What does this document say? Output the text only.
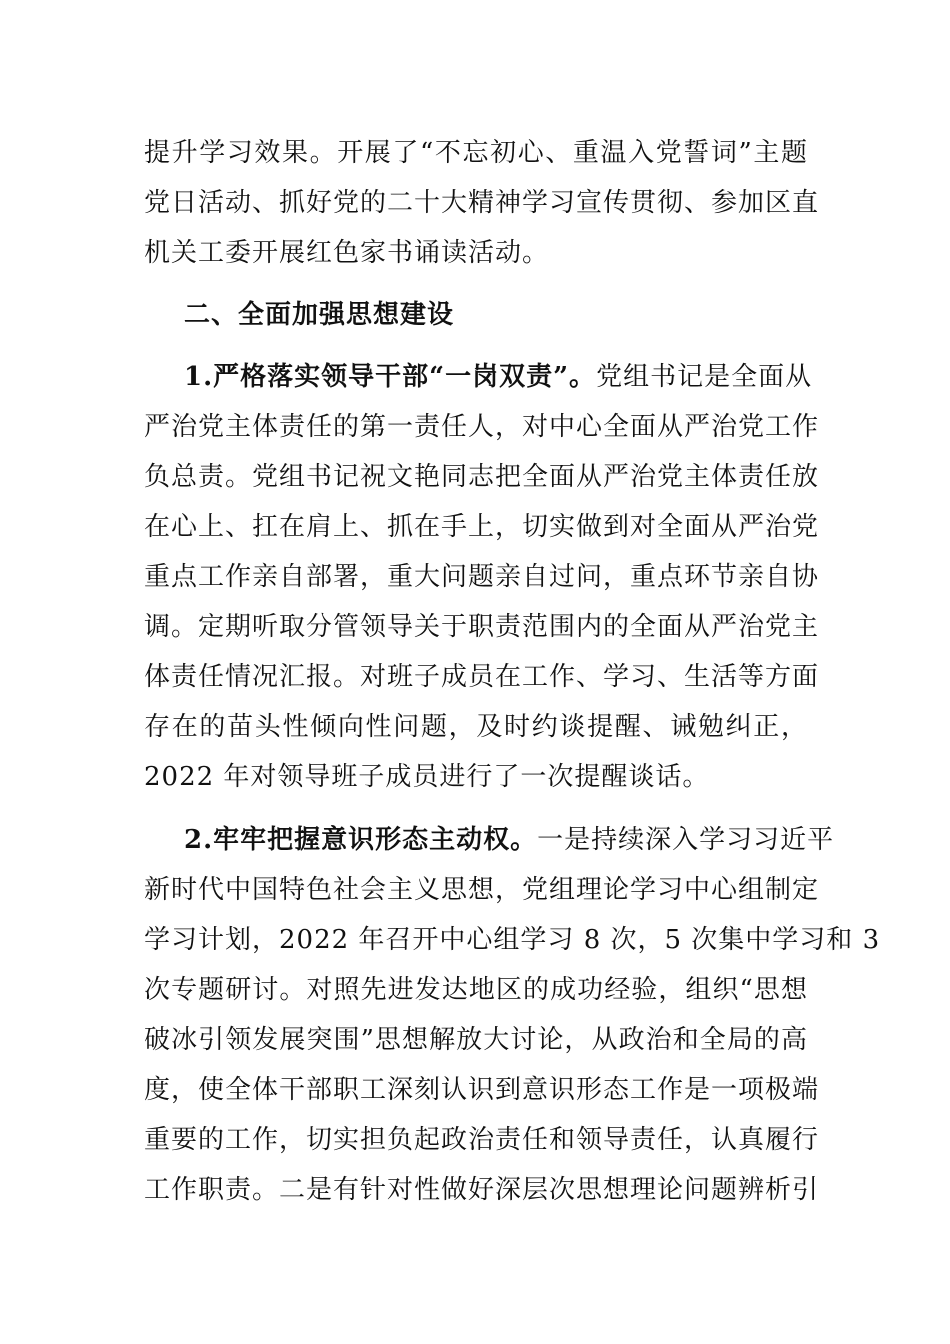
提升学习效果。开展了“不忘初心、重温入党誓词”主题
党日活动、抓好党的二十大精神学习宣传贯彻、参加区直
机关工委开展红色家书诵读活动。
二、全面加强思想建设
1.严格落实领导干部“一岗双责”。党组书记是全面从
严治党主体责任的第一责任人，对中心全面从严治党工作
负总责。党组书记祝文艳同志把全面从严治党主体责任放
在心上、扛在肩上、抓在手上，切实做到对全面从严治党
重点工作亲自部署，重大问题亲自过问，重点环节亲自协
调。定期听取分管领导关于职责范围内的全面从严治党主
体责任情况汇报。对班子成员在工作、学习、生活等方面
存在的苗头性倾向性问题，及时约谈提醒、诫勉纠正，
2022 年对领导班子成员进行了一次提醒谈话。
2.牢牢把握意识形态主动权。一是持续深入学习习近平
新时代中国特色社会主义思想，党组理论学习中心组制定
学习计划，2022 年召开中心组学习 8 次，5 次集中学习和 3
次专题研讨。对照先进发达地区的成功经验，组织“思想
破冰引领发展突围”思想解放大讨论，从政治和全局的高
度，使全体干部职工深刻认识到意识形态工作是一项极端
重要的工作，切实担负起政治责任和领导责任，认真履行
工作职责。二是有针对性做好深层次思想理论问题辨析引
